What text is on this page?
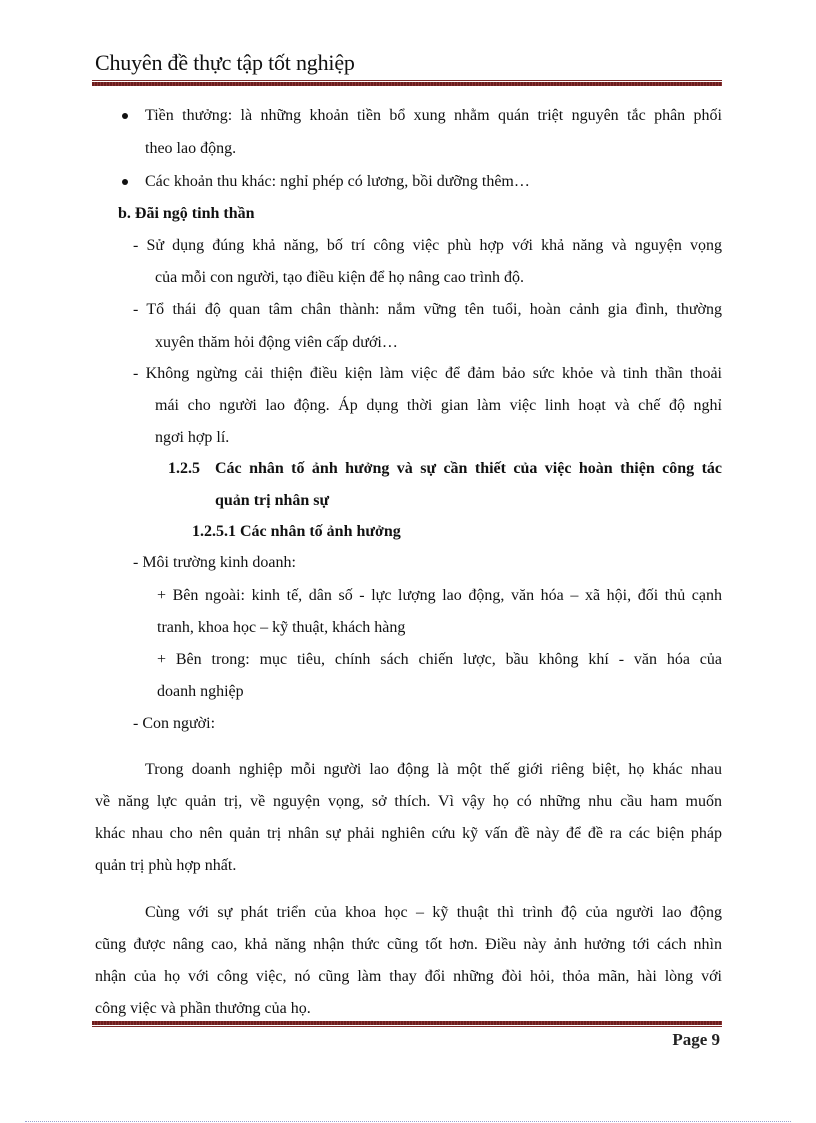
Chuyên đề thực tập tốt nghiệp
Tiền thưởng: là những khoản tiền bổ xung nhằm quán triệt nguyên tắc phân phối
theo lao động.
Các khoản thu khác: nghỉ phép có lương, bồi dưỡng thêm…
b. Đãi ngộ tinh thần
- Sử dụng đúng khả năng, bố trí công việc phù hợp với khả năng và nguyện vọng
của mỗi con người, tạo điều kiện để họ nâng cao trình độ.
- Tổ thái độ quan tâm chân thành: nắm vững tên tuổi, hoàn cảnh gia đình, thường
xuyên thăm hỏi động viên cấp dưới…
- Không ngừng cải thiện điều kiện làm việc để đảm bảo sức khỏe và tinh thần thoải
mái cho người lao động. Áp dụng thời gian làm việc linh hoạt và chế độ nghỉ
ngơi hợp lí.
1.2.5 Các nhân tố ảnh hưởng và sự cần thiết của việc hoàn thiện công tác
quản trị nhân sự
1.2.5.1 Các nhân tố ảnh hưởng
- Môi trường kinh doanh:
+ Bên ngoài: kinh tế, dân số - lực lượng lao động, văn hóa – xã hội, đối thủ cạnh
tranh, khoa học – kỹ thuật, khách hàng
+ Bên trong: mục tiêu, chính sách chiến lược, bầu không khí - văn hóa của
doanh nghiệp
- Con người:
Trong doanh nghiệp mỗi người lao động là một thế giới riêng biệt, họ khác nhau
về năng lực quản trị, về nguyện vọng, sở thích. Vì vậy họ có những nhu cầu ham muốn
khác nhau cho nên quản trị nhân sự phải nghiên cứu kỹ vấn đề này để đề ra các biện pháp
quản trị phù hợp nhất.
Cùng với sự phát triển của khoa học – kỹ thuật thì trình độ của người lao động
cũng được nâng cao, khả năng nhận thức cũng tốt hơn. Điều này ảnh hưởng tới cách nhìn
nhận của họ với công việc, nó cũng làm thay đổi những đòi hỏi, thỏa mãn, hài lòng với
công việc và phần thưởng của họ.
Page 9
